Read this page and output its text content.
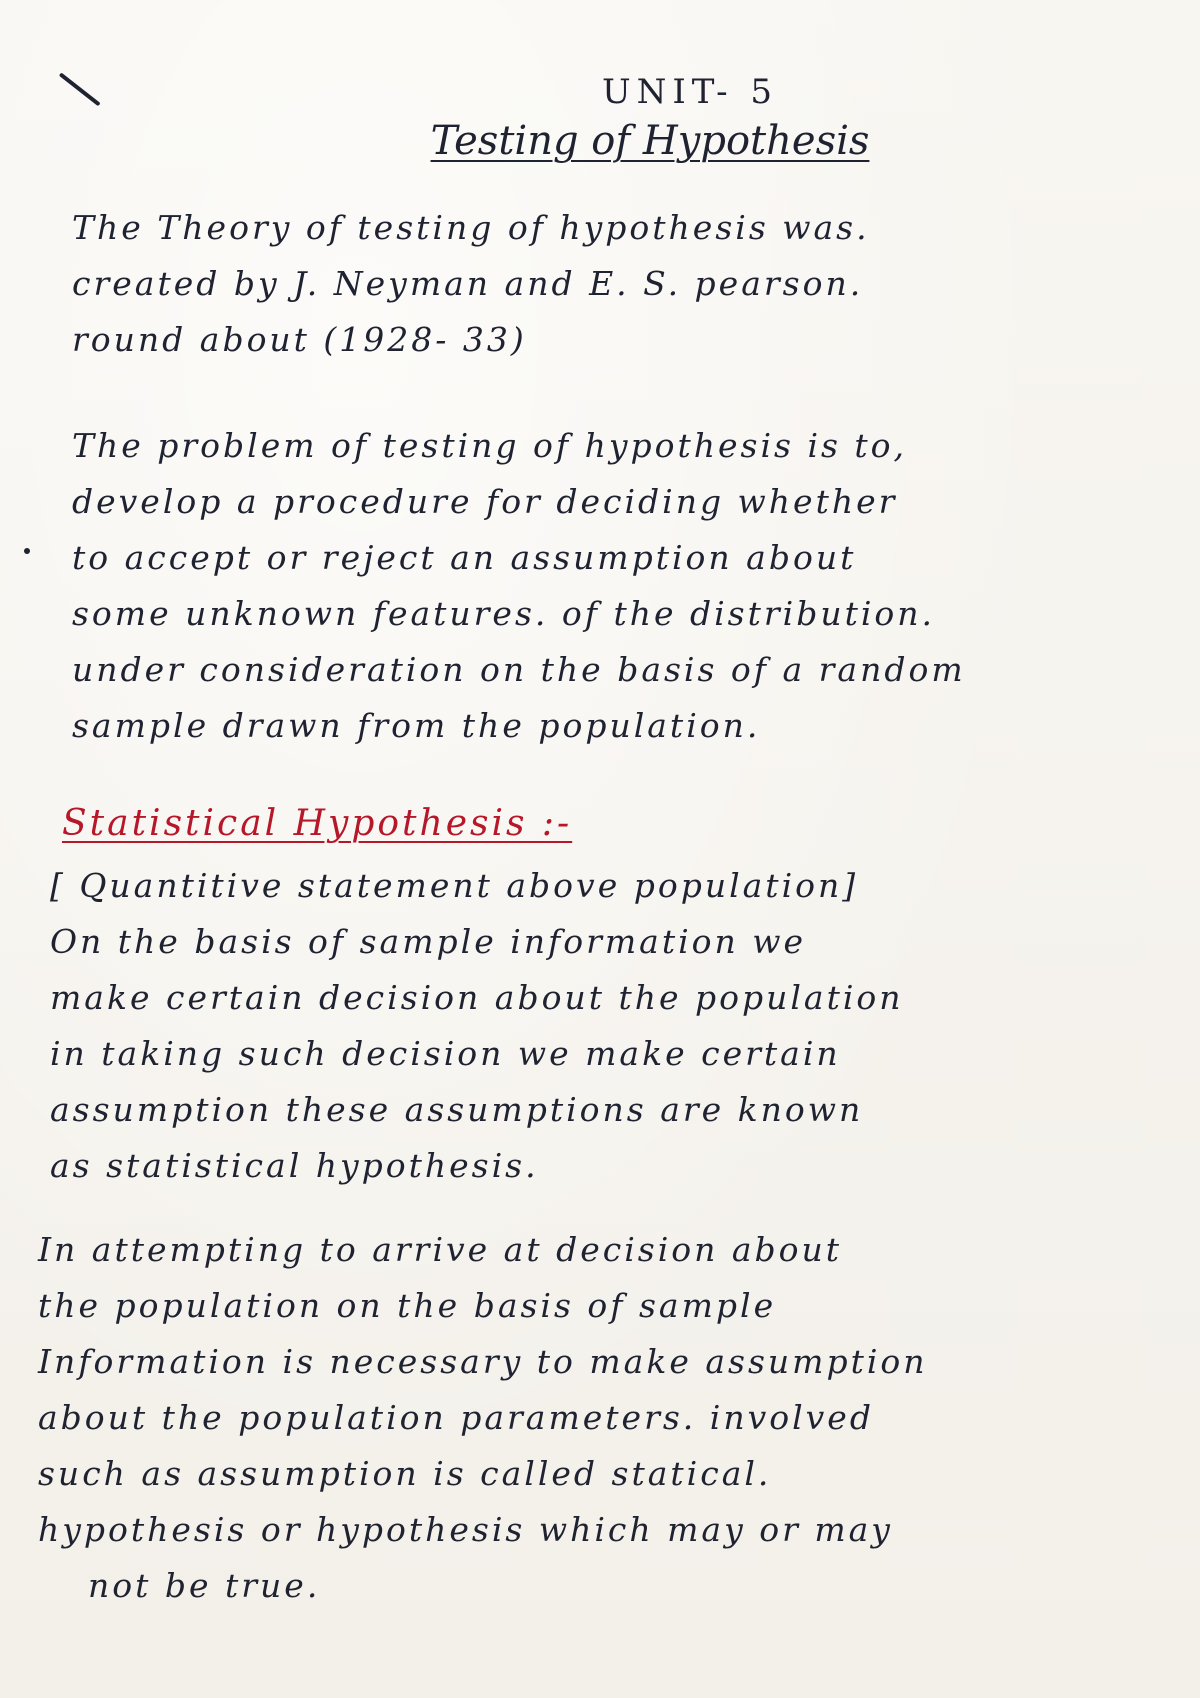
UNIT- 5
Testing of Hypothesis
The Theory of testing of hypothesis was.
created by J. Neyman and E. S. pearson.
round about (1928- 33)
The problem of testing of hypothesis is to,
develop a procedure for deciding whether
to accept or reject an assumption about
some unknown features. of the distribution.
under consideration on the basis of a random
sample drawn from the population.
Statistical Hypothesis :-
[ Quantitive statement above population]
On the basis of sample information we
make certain decision about the population
in taking such decision we make certain
assumption these assumptions are known
as statistical hypothesis.
In attempting to arrive at decision about
the population on the basis of sample
Information is necessary to make assumption
about the population parameters. involved
such as assumption is called statical.
hypothesis or hypothesis which may or may
not be true.
